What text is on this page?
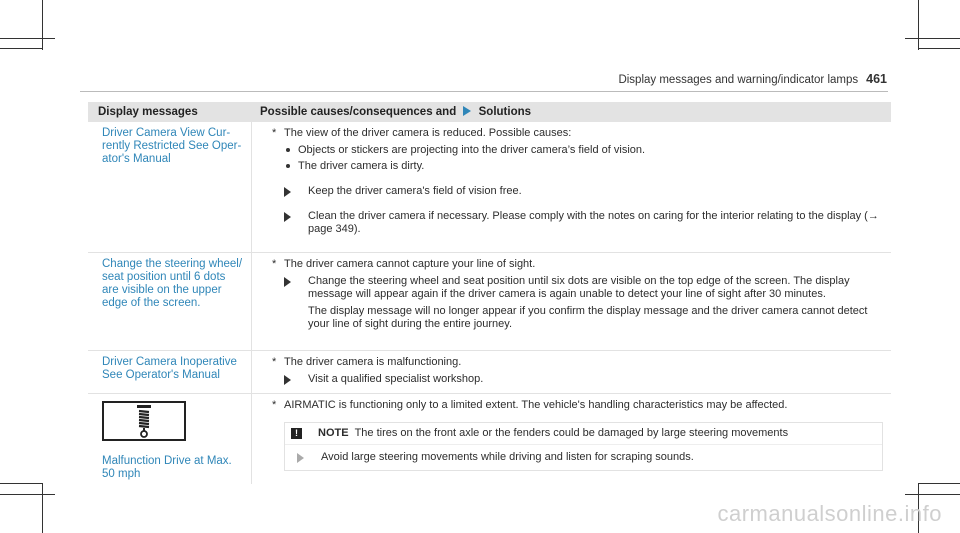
Display messages and warning/indicator lamps 461
Display messages	Possible causes/consequences and Solutions

Driver Camera View Cur-rently Restricted See Oper-ator's Manual

* The view of the driver camera is reduced. Possible causes:
Objects or stickers are projecting into the driver camera’s field of vision.
The driver camera is dirty.

Keep the driver camera's field of vision free.

Clean the driver camera if necessary. Please comply with the notes on caring for the interior relating to the display (→ page 349).

Change the steering wheel/ seat position until 6 dots are visible on the upper edge of the screen.

* The driver camera cannot capture your line of sight.

Change the steering wheel and seat position until six dots are visible on the top edge of the screen. The display message will appear again if the driver camera is again unable to detect your line of sight after 30 minutes.

The display message will no longer appear if you confirm the display message and the driver camera cannot detect your line of sight during the entire journey.

Driver Camera Inoperative See Operator's Manual

* The driver camera is malfunctioning.

Visit a qualified specialist workshop.

Malfunction Drive at Max. 50 mph

* AIRMATIC is functioning only to a limited extent. The vehicle's handling characteristics may be affected.
!	NOTE The tires on the front axle or the fenders could be damaged by large steering movements

Avoid large steering movements while driving and listen for scraping sounds.

carmanualsonline.info
